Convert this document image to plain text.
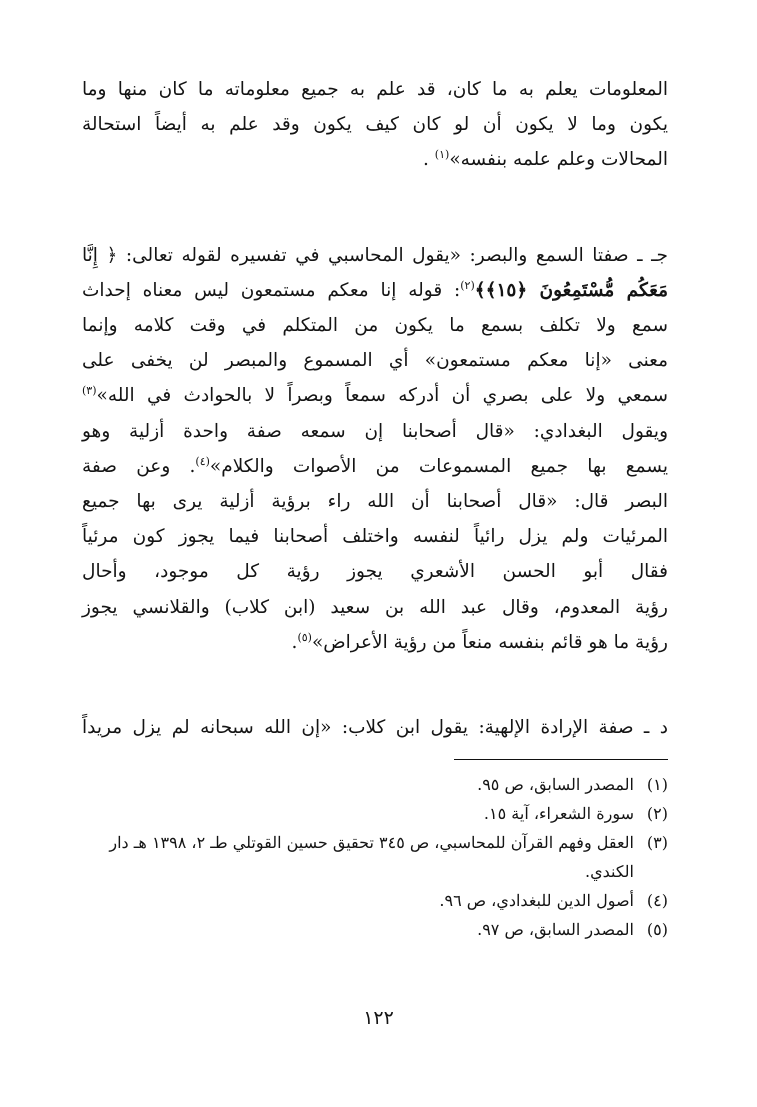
المعلومات يعلم به ما كان، قد علم به جميع معلوماته ما كان منها وما
يكون وما لا يكون أن لو كان كيف يكون وقد علم به أيضاً استحالة
المحالات وعلم علمه بنفسه»$^{(١)}$ .

جـ ـ صفتا السمع والبصر: «يقول المحاسبي في تفسيره لقوله تعالى: ﴿ إِنَّا
مَعَكُم مُّسْتَمِعُونَ ﴿١٥﴾﴾$^{(٢)}$: قوله إنا معكم مستمعون ليس معناه إحداث
سمع ولا تكلف بسمع ما يكون من المتكلم في وقت كلامه وإنما
معنى «إنا معكم مستمعون» أي المسموع والمبصر لن يخفى على
سمعي ولا على بصري أن أدركه سمعاً وبصراً لا بالحوادث في الله»$^{(٣)}$
ويقول البغدادي: «قال أصحابنا إن سمعه صفة واحدة أزلية وهو
يسمع بها جميع المسموعات من الأصوات والكلام»$^{(٤)}$. وعن صفة
البصر قال: «قال أصحابنا أن الله راء برؤية أزلية يرى بها جميع
المرئيات ولم يزل رائياً لنفسه واختلف أصحابنا فيما يجوز كون مرئياً
فقال أبو الحسن الأشعري يجوز رؤية كل موجود، وأحال
رؤية المعدوم، وقال عبد الله بن سعيد (ابن كلاب) والقلانسي يجوز
رؤية ما هو قائم بنفسه منعاً من رؤية الأعراض»$^{(٥)}$.

د ـ صفة الإرادة الإلهية: يقول ابن كلاب: «إن الله سبحانه لم يزل مريداً

(١)
المصدر السابق، ص ٩٥.
(٢)
سورة الشعراء، آية ١٥.
(٣)
العقل وفهم القرآن للمحاسبي، ص ٣٤٥ تحقيق حسين القوتلي طـ ٢، ١٣٩٨ هـ دار الكندي.
(٤)
أصول الدين للبغدادي، ص ٩٦.
(٥)
المصدر السابق، ص ٩٧.
١٢٢
